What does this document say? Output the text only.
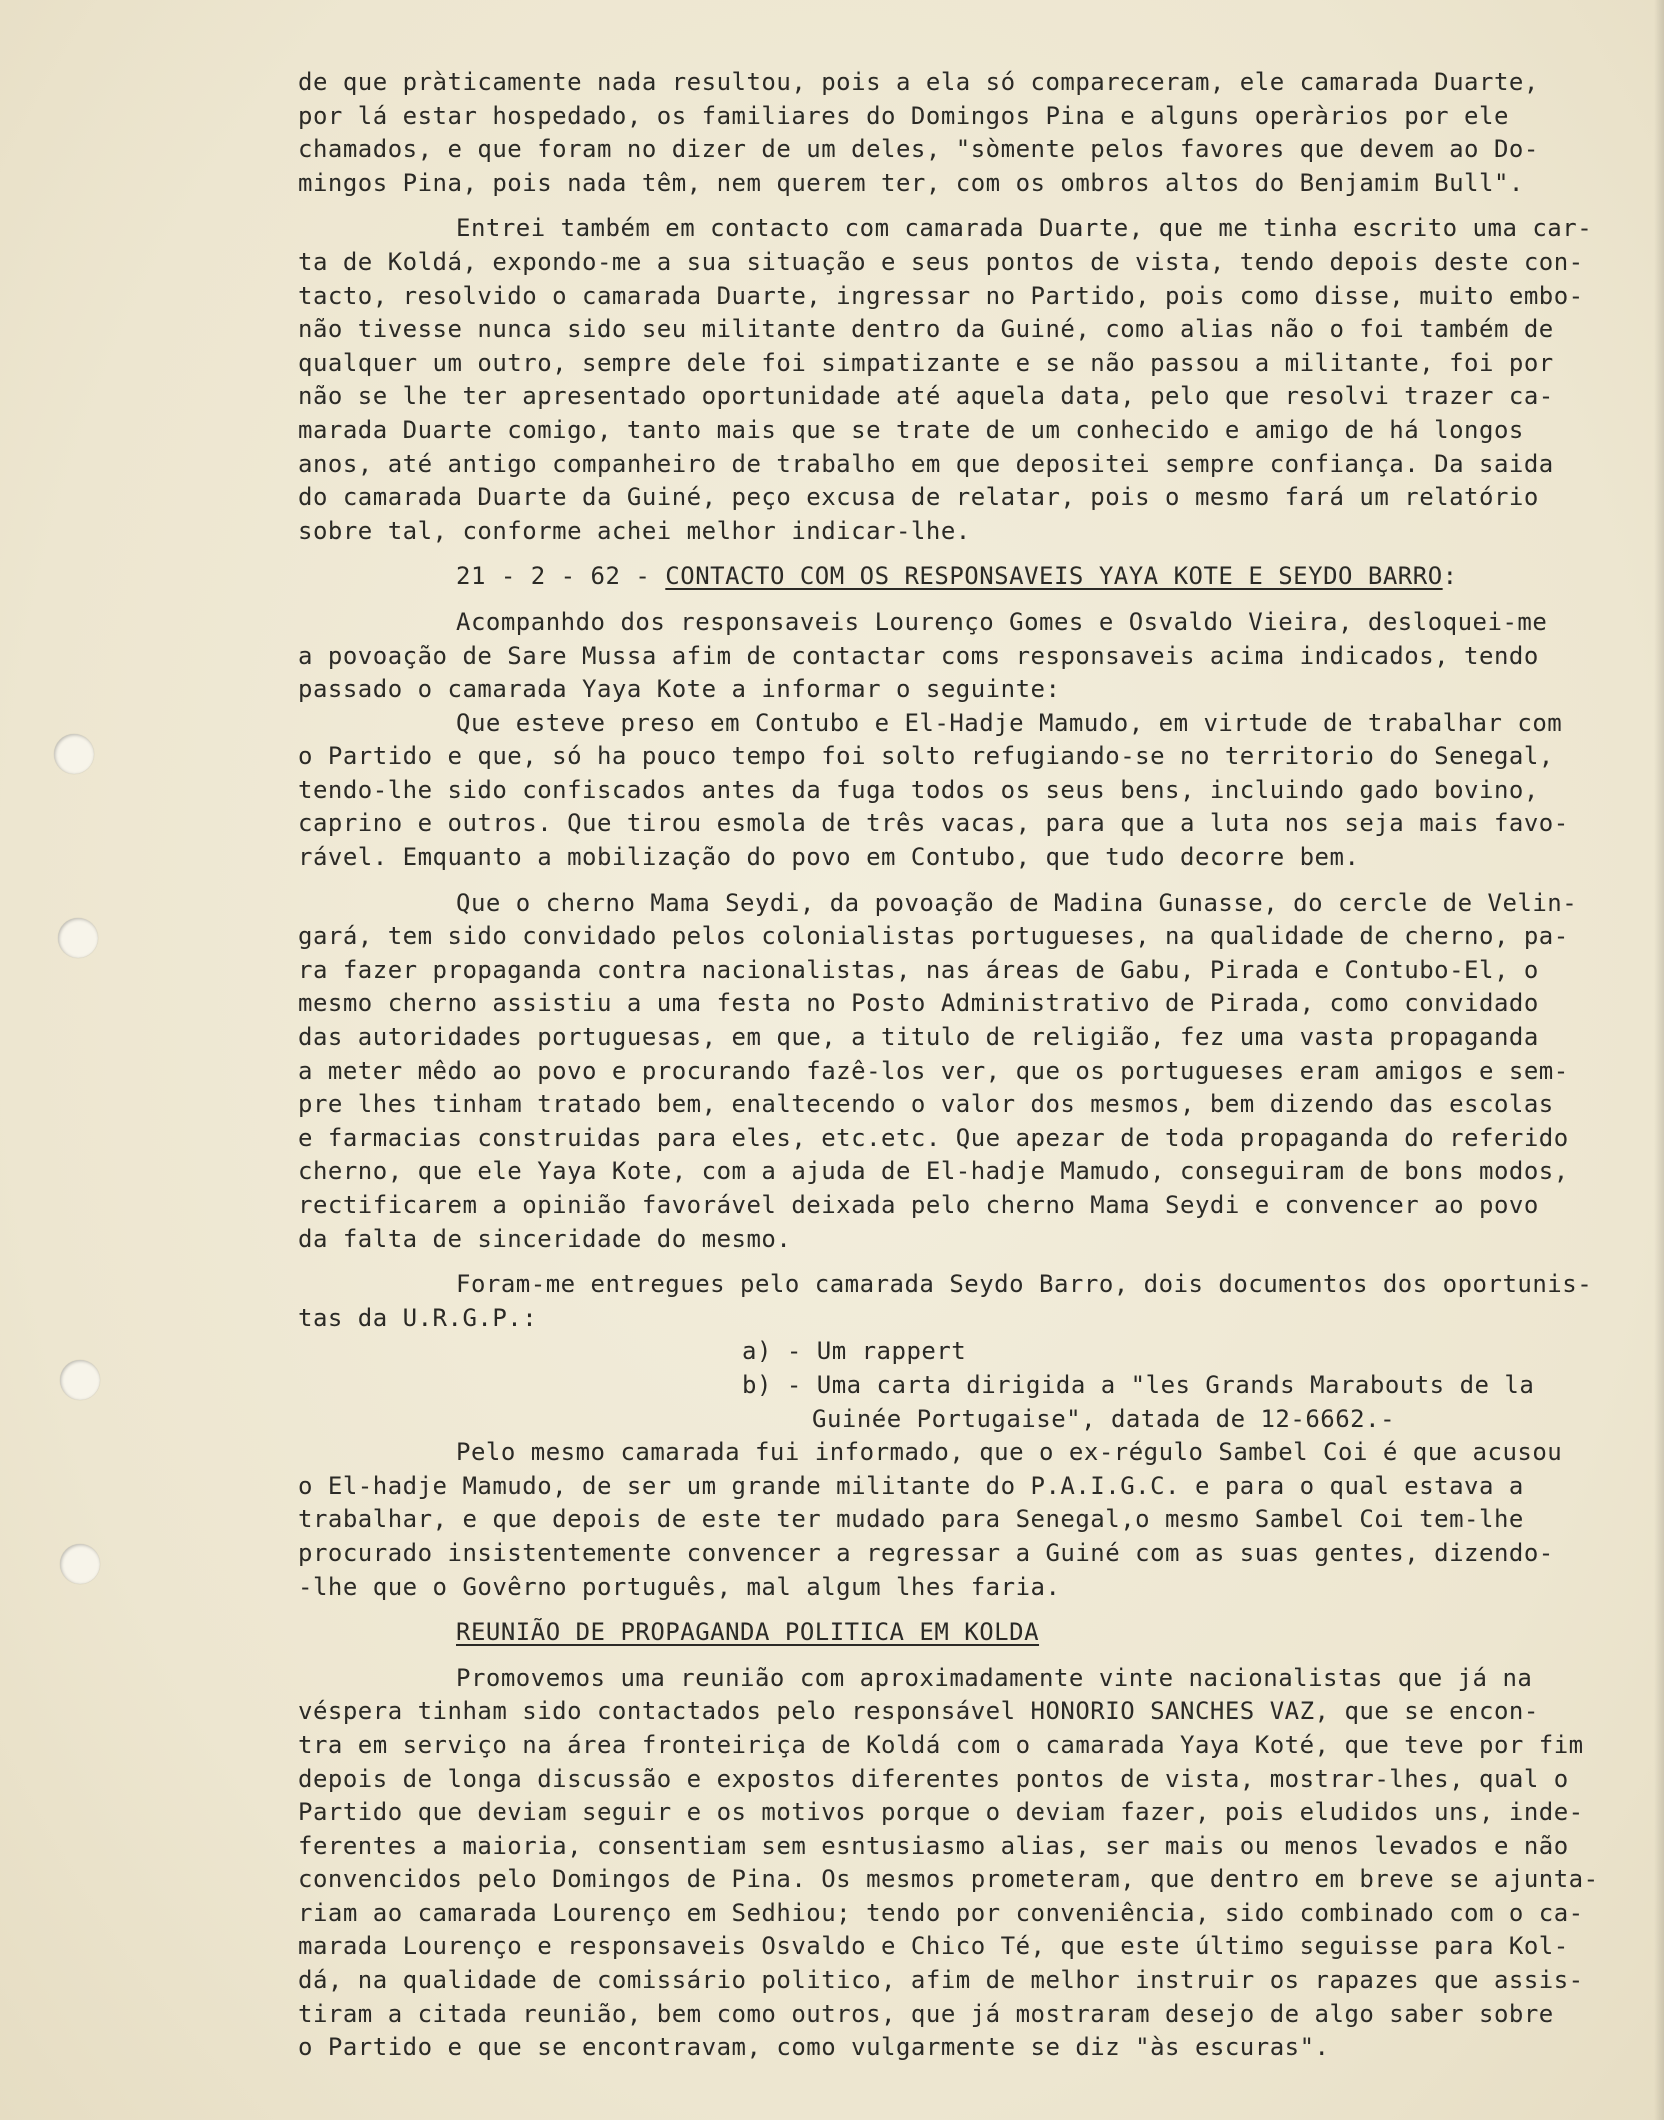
de que pràticamente nada resultou, pois a ela só compareceram, ele camarada Duarte,
por lá estar hospedado, os familiares do Domingos Pina e alguns operàrios por ele
chamados, e que foram no dizer de um deles, "sòmente pelos favores que devem ao Do-
mingos Pina, pois nada têm, nem querem ter, com os ombros altos do Benjamim Bull".
Entrei também em contacto com camarada Duarte, que me tinha escrito uma car-
ta de Koldá, expondo-me a sua situação e seus pontos de vista, tendo depois deste con-
tacto, resolvido o camarada Duarte, ingressar no Partido, pois como disse, muito embo-
não tivesse nunca sido seu militante dentro da Guiné, como alias não o foi também de
qualquer um outro, sempre dele foi simpatizante e se não passou a militante, foi por
não se lhe ter apresentado oportunidade até aquela data, pelo que resolvi trazer ca-
marada Duarte comigo, tanto mais que se trate de um conhecido e amigo de há longos
anos, até antigo companheiro de trabalho em que depositei sempre confiança. Da saida
do camarada Duarte da Guiné, peço excusa de relatar, pois o mesmo fará um relatório
sobre tal, conforme achei melhor indicar-lhe.
21 - 2 - 62 - CONTACTO COM OS RESPONSAVEIS YAYA KOTE E SEYDO BARRO:
Acompanhdo dos responsaveis Lourenço Gomes e Osvaldo Vieira, desloquei-me
a povoação de Sare Mussa afim de contactar coms responsaveis acima indicados, tendo
passado o camarada Yaya Kote a informar o seguinte:
Que esteve preso em Contubo e El-Hadje Mamudo, em virtude de trabalhar com
o Partido e que, só ha pouco tempo foi solto refugiando-se no territorio do Senegal,
tendo-lhe sido confiscados antes da fuga todos os seus bens, incluindo gado bovino,
caprino e outros. Que tirou esmola de três vacas, para que a luta nos seja mais favo-
rável. Emquanto a mobilização do povo em Contubo, que tudo decorre bem.
Que o cherno Mama Seydi, da povoação de Madina Gunasse, do cercle de Velin-
gará, tem sido convidado pelos colonialistas portugueses, na qualidade de cherno, pa-
ra fazer propaganda contra nacionalistas, nas áreas de Gabu, Pirada e Contubo-El, o
mesmo cherno assistiu a uma festa no Posto Administrativo de Pirada, como convidado
das autoridades portuguesas, em que, a titulo de religião, fez uma vasta propaganda
a meter mêdo ao povo e procurando fazê-los ver, que os portugueses eram amigos e sem-
pre lhes tinham tratado bem, enaltecendo o valor dos mesmos, bem dizendo das escolas
e farmacias construidas para eles, etc.etc. Que apezar de toda propaganda do referido
cherno, que ele Yaya Kote, com a ajuda de El-hadje Mamudo, conseguiram de bons modos,
rectificarem a opinião favorável deixada pelo cherno Mama Seydi e convencer ao povo
da falta de sinceridade do mesmo.
Foram-me entregues pelo camarada Seydo Barro, dois documentos dos oportunis-
tas da U.R.G.P.:
a) - Um rappert
b) - Uma carta dirigida a "les Grands Marabouts de la
Guinée Portugaise", datada de 12-6662.-
Pelo mesmo camarada fui informado, que o ex-régulo Sambel Coi é que acusou
o El-hadje Mamudo, de ser um grande militante do P.A.I.G.C. e para o qual estava a
trabalhar, e que depois de este ter mudado para Senegal,o mesmo Sambel Coi tem-lhe
procurado insistentemente convencer a regressar a Guiné com as suas gentes, dizendo-
-lhe que o Govêrno português, mal algum lhes faria.
REUNIÃO DE PROPAGANDA POLITICA EM KOLDA
Promovemos uma reunião com aproximadamente vinte nacionalistas que já na
véspera tinham sido contactados pelo responsável HONORIO SANCHES VAZ, que se encon-
tra em serviço na área fronteiriça de Koldá com o camarada Yaya Koté, que teve por fim
depois de longa discussão e expostos diferentes pontos de vista, mostrar-lhes, qual o
Partido que deviam seguir e os motivos porque o deviam fazer, pois eludidos uns, inde-
ferentes a maioria, consentiam sem esntusiasmo alias, ser mais ou menos levados e não
convencidos pelo Domingos de Pina. Os mesmos prometeram, que dentro em breve se ajunta-
riam ao camarada Lourenço em Sedhiou; tendo por conveniência, sido combinado com o ca-
marada Lourenço e responsaveis Osvaldo e Chico Té, que este último seguisse para Kol-
dá, na qualidade de comissário politico, afim de melhor instruir os rapazes que assis-
tiram a citada reunião, bem como outros, que já mostraram desejo de algo saber sobre
o Partido e que se encontravam, como vulgarmente se diz "às escuras".
